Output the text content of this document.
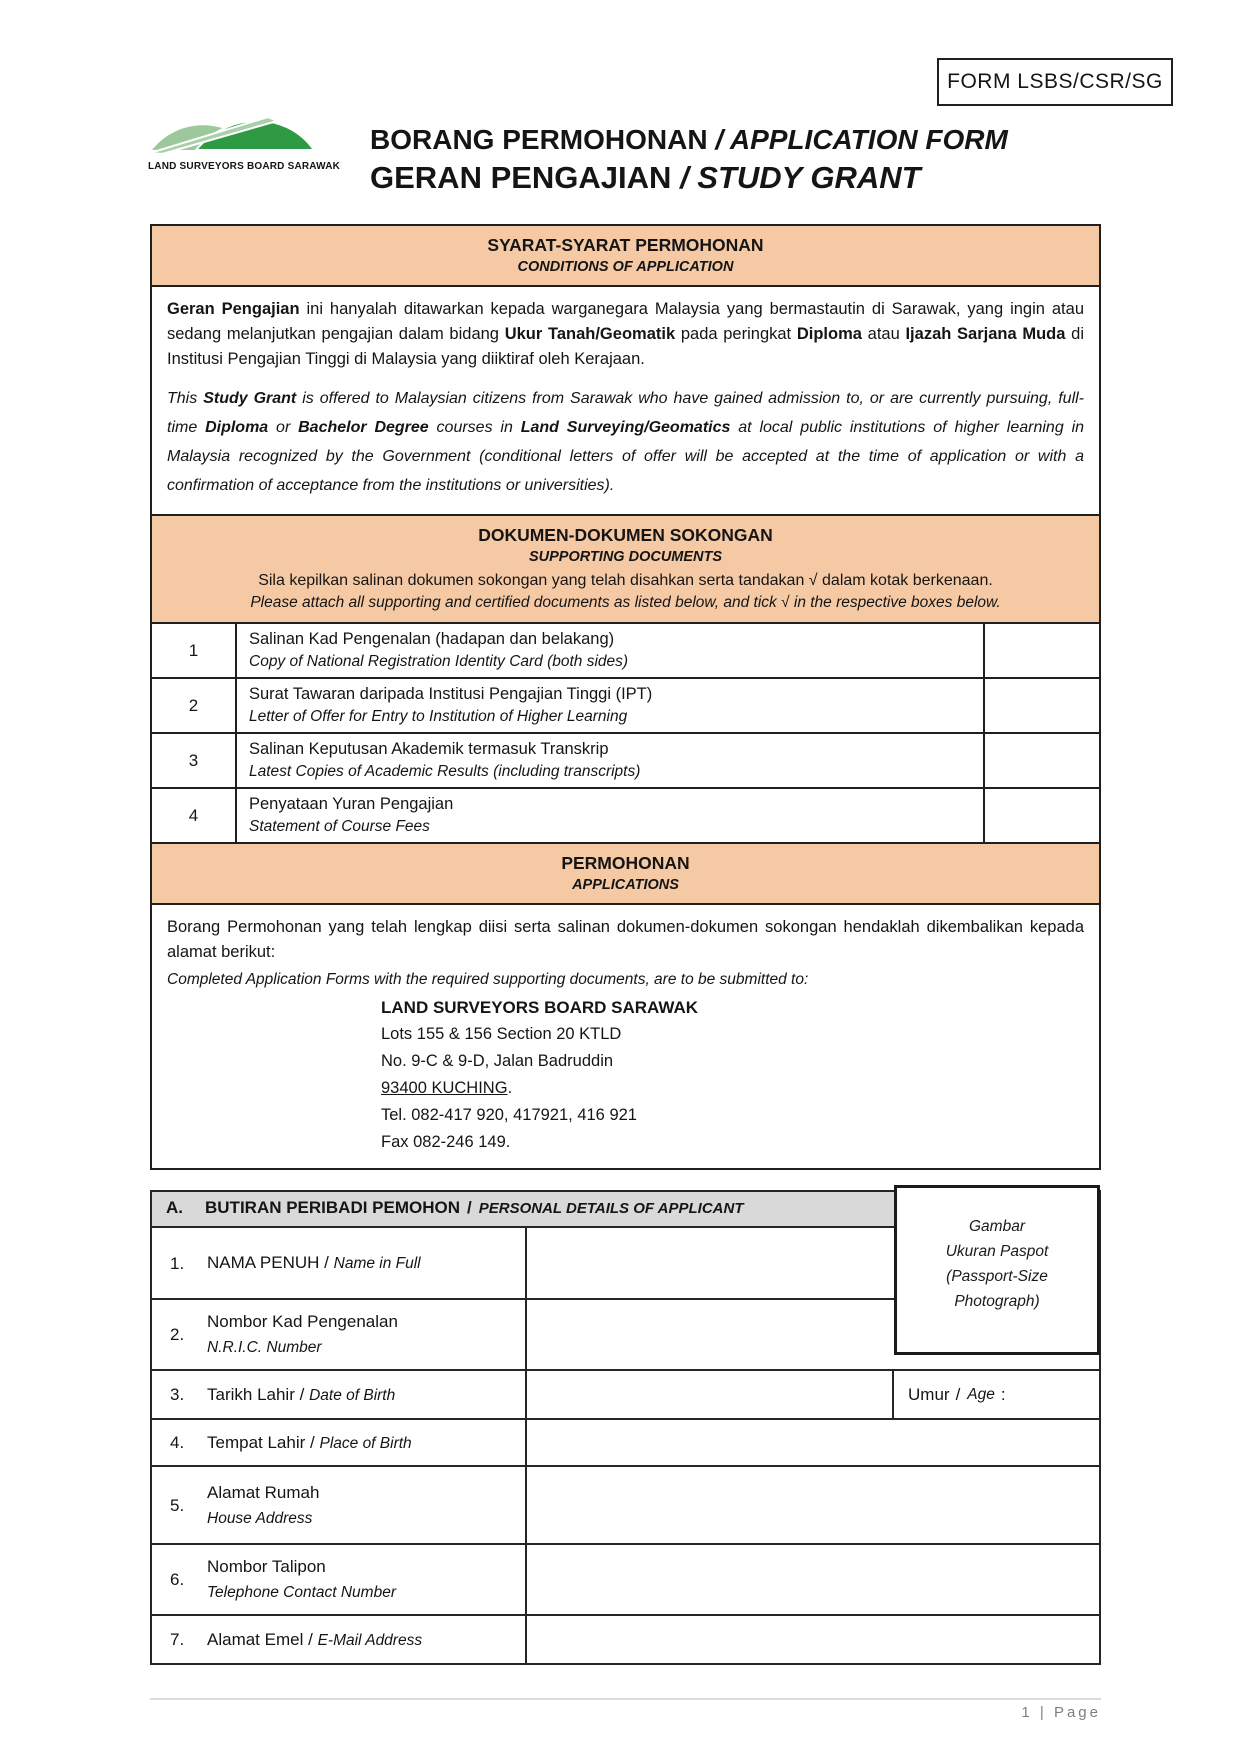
FORM LSBS/CSR/SG
LAND SURVEYORS BOARD SARAWAK
BORANG PERMOHONAN / APPLICATION FORM
GERAN PENGAJIAN / STUDY GRANT
SYARAT-SYARAT PERMOHONAN
CONDITIONS OF APPLICATION

Geran Pengajian ini hanyalah ditawarkan kepada warganegara Malaysia yang bermastautin di Sarawak, yang ingin atau sedang melanjutkan pengajian dalam bidang Ukur Tanah/Geomatik pada peringkat Diploma atau Ijazah Sarjana Muda di Institusi Pengajian Tinggi di Malaysia yang diiktiraf oleh Kerajaan.

This Study Grant is offered to Malaysian citizens from Sarawak who have gained admission to, or are currently pursuing, full-time Diploma or Bachelor Degree courses in Land Surveying/Geomatics at local public institutions of higher learning in Malaysia recognized by the Government (conditional letters of offer will be accepted at the time of application or with a confirmation of acceptance from the institutions or universities).

DOKUMEN-DOKUMEN SOKONGAN
SUPPORTING DOCUMENTS
Sila kepilkan salinan dokumen sokongan yang telah disahkan serta tandakan √ dalam kotak berkenaan.
Please attach all supporting and certified documents as listed below, and tick √ in the respective boxes below.
1
Salinan Kad Pengenalan (hadapan dan belakang)
Copy of National Registration Identity Card (both sides)
2
Surat Tawaran daripada Institusi Pengajian Tinggi (IPT)
Letter of Offer for Entry to Institution of Higher Learning
3
Salinan Keputusan Akademik termasuk Transkrip
Latest Copies of Academic Results (including transcripts)
4
Penyataan Yuran Pengajian
Statement of Course Fees
PERMOHONAN
APPLICATIONS

Borang Permohonan yang telah lengkap diisi serta salinan dokumen-dokumen sokongan hendaklah dikembalikan kepada alamat berikut:

Completed Application Forms with the required supporting documents, are to be submitted to:

LAND SURVEYORS BOARD SARAWAK
Lots 155 & 156 Section 20 KTLD
No. 9-C & 9-D, Jalan Badruddin
93400 KUCHING.
Tel. 082-417 920, 417921, 416 921
Fax 082-246 149.
A. BUTIRAN PERIBADI PEMOHON / PERSONAL DETAILS OF APPLICANT
Gambar
Ukuran Paspot
(Passport-Size
Photograph)
1.	NAMA PENUH / Name in Full
2.
Nombor Kad Pengenalan
N.R.I.C. Number
3.	Tarikh Lahir / Date of Birth	Umur / Age :
4.	Tempat Lahir / Place of Birth
5.
Alamat Rumah
House Address
6.
Nombor Talipon
Telephone Contact Number
7.	Alamat Emel / E-Mail Address
1 | Page
